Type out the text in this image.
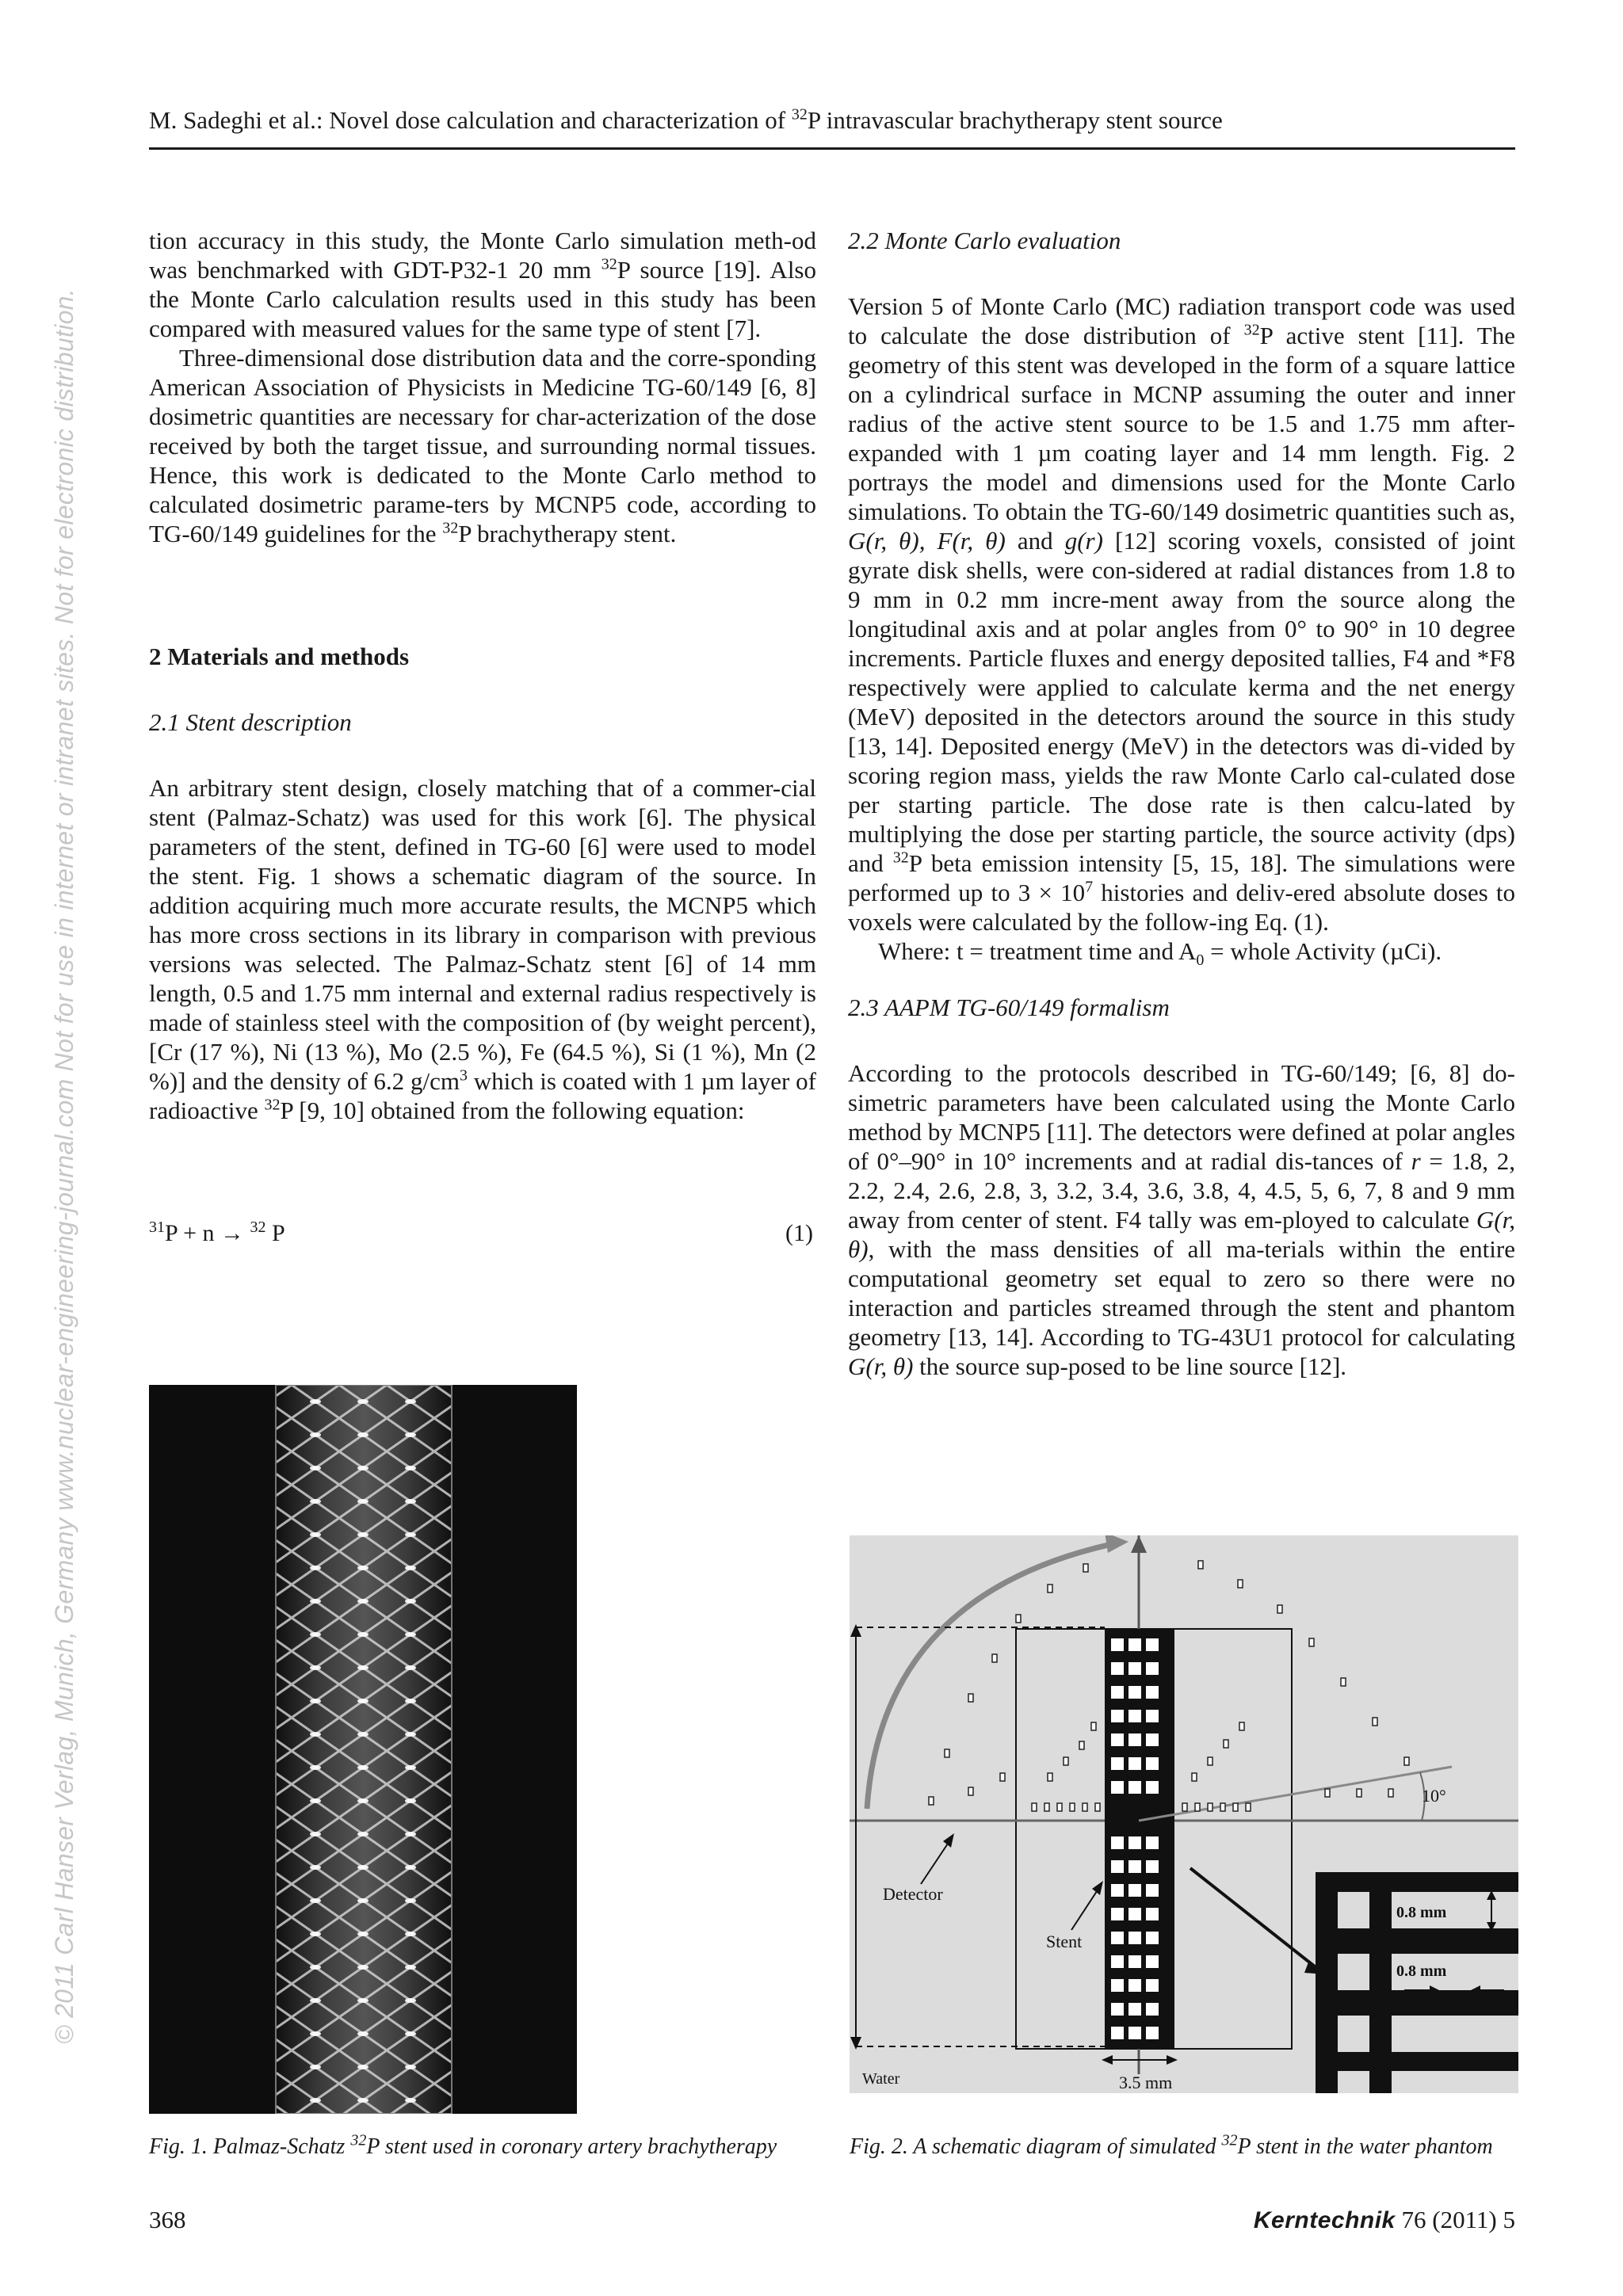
M. Sadeghi et al.: Novel dose calculation and characterization of $^{32}$P intravascular brachytherapy stent source
© 2011 Carl Hanser Verlag, Munich, Germany www.nuclear-engineering-journal.com Not for use in internet or intranet sites. Not for electronic distribution.

tion accuracy in this study, the Monte Carlo simulation meth-od was benchmarked with GDT-P32-1 20 mm $^{32}$P source [19]. Also the Monte Carlo calculation results used in this study has been compared with measured values for the same type of stent [7].

Three-dimensional dose distribution data and the corre-sponding American Association of Physicists in Medicine TG-60/149 [6, 8] dosimetric quantities are necessary for char-acterization of the dose received by both the target tissue, and surrounding normal tissues. Hence, this work is dedicated to the Monte Carlo method to calculated dosimetric parame-ters by MCNP5 code, according to TG-60/149 guidelines for the $^{32}$P brachytherapy stent.

2 Materials and methods

2.1 Stent description

An arbitrary stent design, closely matching that of a commer-cial stent (Palmaz-Schatz) was used for this work [6]. The physical parameters of the stent, defined in TG-60 [6] were used to model the stent. Fig. 1 shows a schematic diagram of the source. In addition acquiring much more accurate results, the MCNP5 which has more cross sections in its library in comparison with previous versions was selected. The Palmaz-Schatz stent [6] of 14 mm length, 0.5 and 1.75 mm internal and external radius respectively is made of stainless steel with the composition of (by weight percent), [Cr (17 %), Ni (13 %), Mo (2.5 %), Fe (64.5 %), Si (1 %), Mn (2 %)] and the density of 6.2 $g/cm^3$ which is coated with 1 µm layer of radioactive $^{32}$P [9, 10] obtained from the following equation:

$^{31}$P + n → $^{32}$ P	(1)

2.2 Monte Carlo evaluation

Version 5 of Monte Carlo (MC) radiation transport code was used to calculate the dose distribution of $^{32}$P active stent [11]. The geometry of this stent was developed in the form of a square lattice on a cylindrical surface in MCNP assuming the outer and inner radius of the active stent source to be 1.5 and 1.75 mm after-expanded with 1 µm coating layer and 14 mm length. Fig. 2 portrays the model and dimensions used for the Monte Carlo simulations. To obtain the TG-60/149 dosimetric quantities such as, G(r, θ), F(r, θ) and g(r) [12] scoring voxels, consisted of joint gyrate disk shells, were con-sidered at radial distances from 1.8 to 9 mm in 0.2 mm incre-ment away from the source along the longitudinal axis and at polar angles from 0° to 90° in 10 degree increments. Particle fluxes and energy deposited tallies, F4 and *F8 respectively were applied to calculate kerma and the net energy (MeV) deposited in the detectors around the source in this study [13, 14]. Deposited energy (MeV) in the detectors was di-vided by scoring region mass, yields the raw Monte Carlo cal-culated dose per starting particle. The dose rate is then calcu-lated by multiplying the dose per starting particle, the source activity (dps) and $^{32}$P beta emission intensity [5, 15, 18]. The simulations were performed up to $3 \times 10^7$ histories and deliv-ered absolute doses to voxels were calculated by the follow-ing Eq. (1).

Where: t = treatment time and $A_0$ = whole Activity (µCi).

2.3 AAPM TG-60/149 formalism

According to the protocols described in TG-60/149; [6, 8] do-simetric parameters have been calculated using the Monte Carlo method by MCNP5 [11]. The detectors were defined at polar angles of 0°–90° in 10° increments and at radial dis-tances of r = 1.8, 2, 2.2, 2.4, 2.6, 2.8, 3, 3.2, 3.4, 3.6, 3.8, 4, 4.5, 5, 6, 7, 8 and 9 mm away from center of stent. F4 tally was em-ployed to calculate G(r, θ), with the mass densities of all ma-terials within the entire computational geometry set equal to zero so there were no interaction and particles streamed through the stent and phantom geometry [13, 14]. According to TG-43U1 protocol for calculating G(r, θ) the source sup-posed to be line source [12].

Detector
Stent
3.5 mm
Water
10°
0.8 mm
0.8 mm
Fig. 1. Palmaz-Schatz $^{32}$P stent used in coronary artery brachytherapy	Fig. 2. A schematic diagram of simulated $^{32}$P stent in the water phantom
368	Kerntechnik 76 (2011) 5
